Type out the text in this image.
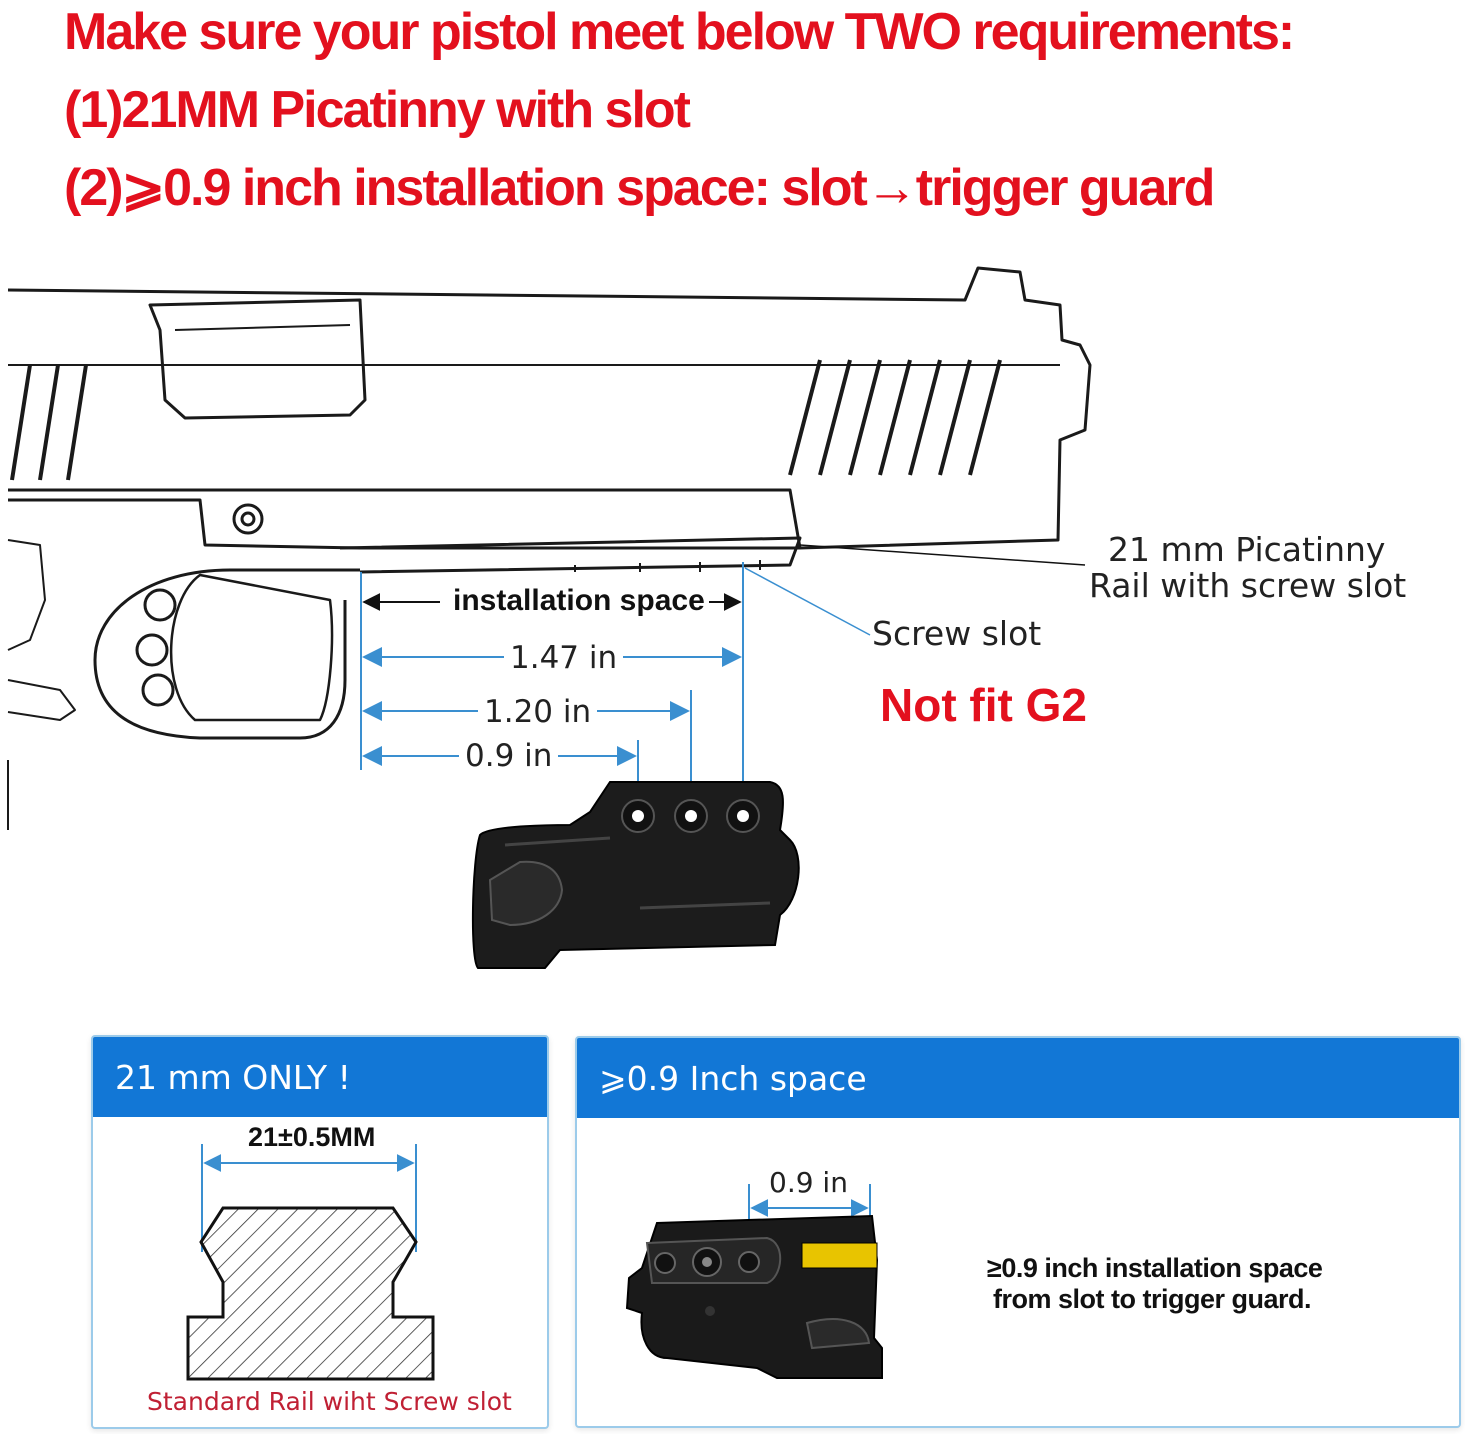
Make sure your pistol meet below TWO requirements:
(1)21MM Picatinny with slot
(2)⩾0.9 inch installation space: slot→trigger guard
21 mm Picatinny
Rail with screw slot
Screw slot
Not fit G2
installation space
1.47 in
1.20 in
0.9 in
21 mm ONLY !
21±0.5MM
Standard Rail wiht Screw slot
⩾0.9 Inch space
0.9 in
≥0.9 inch installation space
from slot to trigger guard.
